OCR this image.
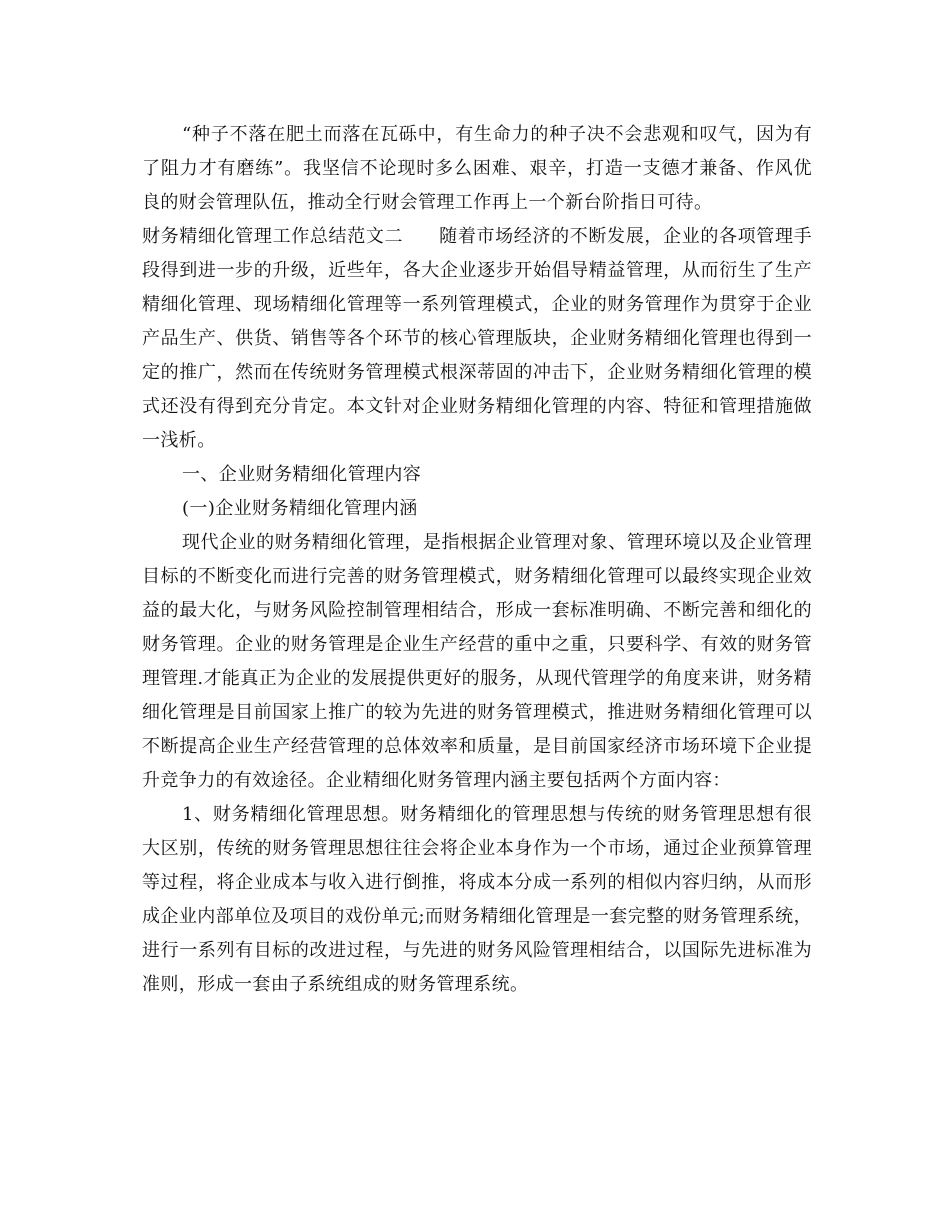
“种子不落在肥土而落在瓦砾中，有生命力的种子决不会悲观和叹气，因为有了阻力才有磨练”。我坚信不论现时多么困难、艰辛，打造一支德才兼备、作风优良的财会管理队伍，推动全行财会管理工作再上一个新台阶指日可待。

财务精细化管理工作总结范文二 随着市场经济的不断发展，企业的各项管理手段得到进一步的升级，近些年，各大企业逐步开始倡导精益管理，从而衍生了生产精细化管理、现场精细化管理等一系列管理模式，企业的财务管理作为贯穿于企业产品生产、供货、销售等各个环节的核心管理版块，企业财务精细化管理也得到一定的推广，然而在传统财务管理模式根深蒂固的冲击下，企业财务精细化管理的模式还没有得到充分肯定。本文针对企业财务精细化管理的内容、特征和管理措施做一浅析。

一、企业财务精细化管理内容

(一)企业财务精细化管理内涵

现代企业的财务精细化管理，是指根据企业管理对象、管理环境以及企业管理目标的不断变化而进行完善的财务管理模式，财务精细化管理可以最终实现企业效益的最大化，与财务风险控制管理相结合，形成一套标准明确、不断完善和细化的财务管理。企业的财务管理是企业生产经营的重中之重，只要科学、有效的财务管理管理.才能真正为企业的发展提供更好的服务，从现代管理学的角度来讲，财务精细化管理是目前国家上推广的较为先进的财务管理模式，推进财务精细化管理可以不断提高企业生产经营管理的总体效率和质量，是目前国家经济市场环境下企业提升竞争力的有效途径。企业精细化财务管理内涵主要包括两个方面内容：

1、财务精细化管理思想。财务精细化的管理思想与传统的财务管理思想有很大区别，传统的财务管理思想往往会将企业本身作为一个市场，通过企业预算管理等过程，将企业成本与收入进行倒推，将成本分成一系列的相似内容归纳，从而形成企业内部单位及项目的戏份单元;而财务精细化管理是一套完整的财务管理系统，进行一系列有目标的改进过程，与先进的财务风险管理相结合，以国际先进标准为准则，形成一套由子系统组成的财务管理系统。
